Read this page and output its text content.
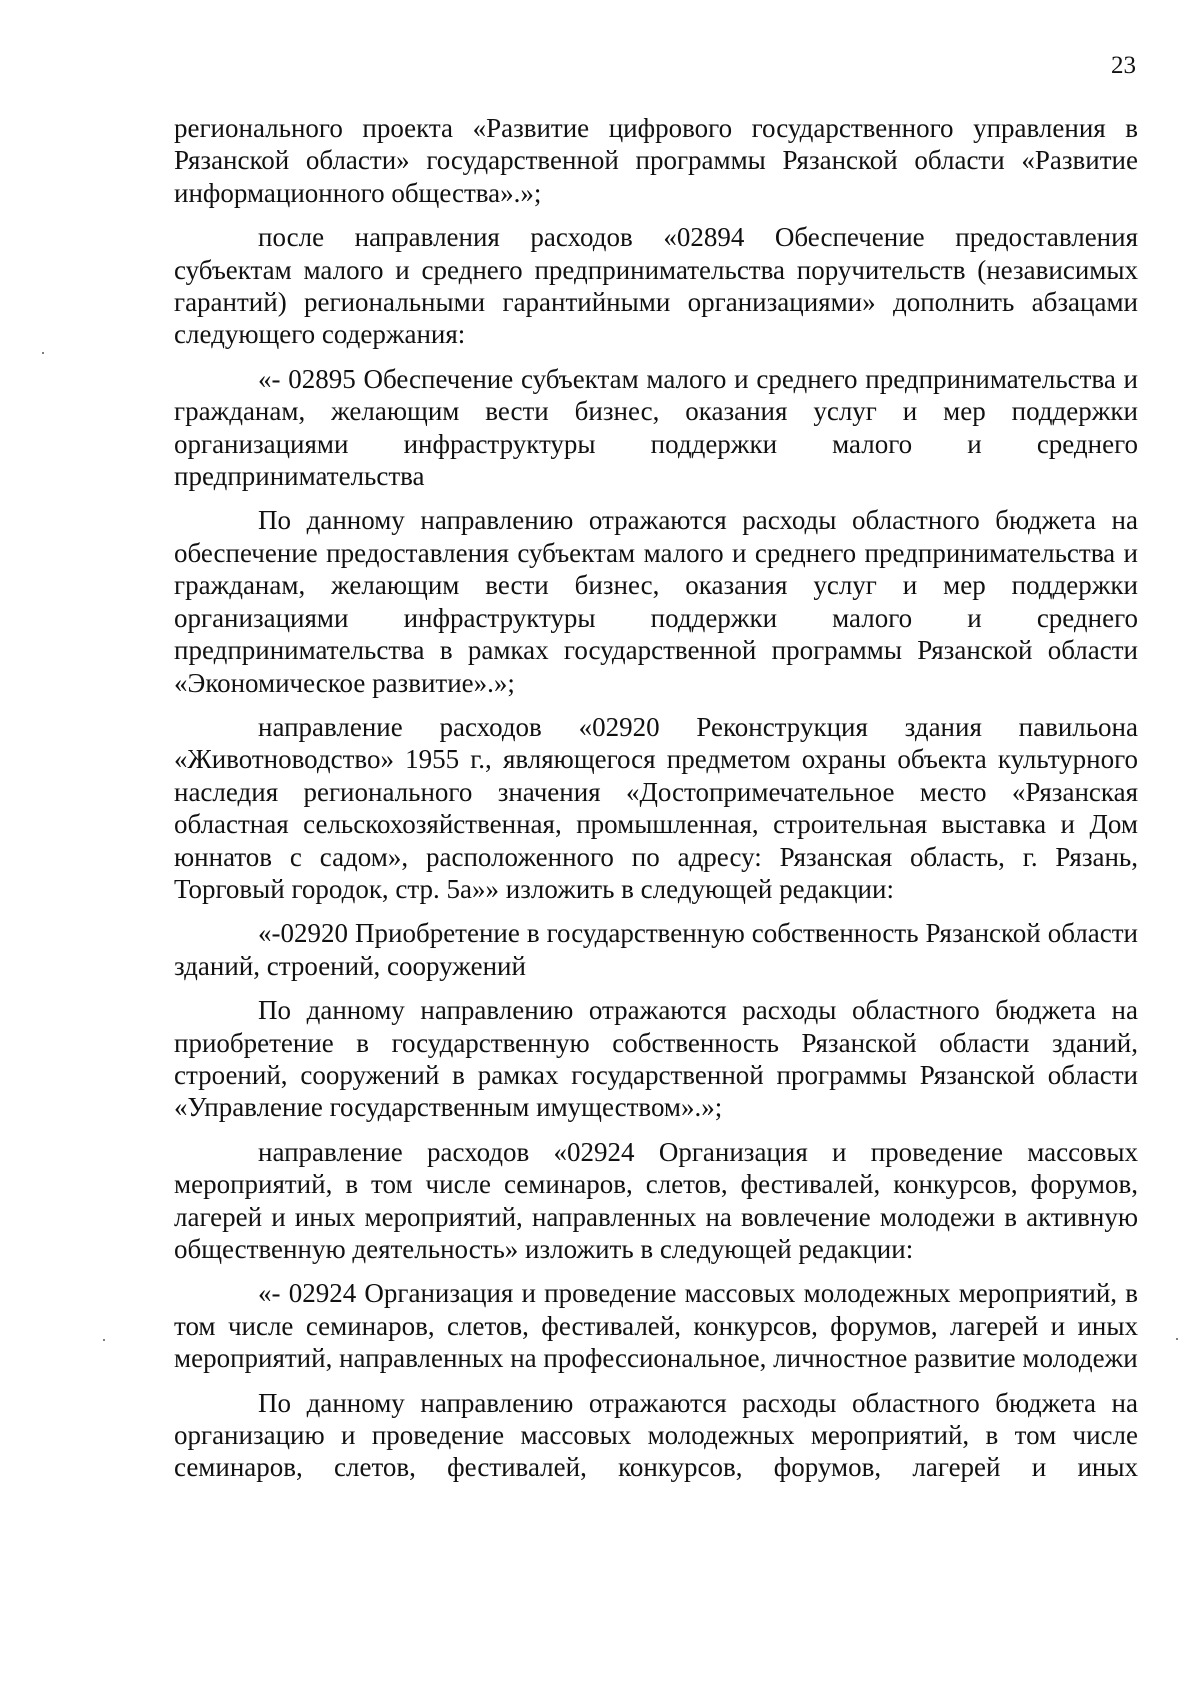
23

регионального проекта «Развитие цифрового государственного управления в Рязанской области» государственной программы Рязанской области «Развитие информационного общества».»;

после направления расходов «02894 Обеспечение предоставления субъектам малого и среднего предпринимательства поручительств (независимых гарантий) региональными гарантийными организациями» дополнить абзацами следующего содержания:

«- 02895 Обеспечение субъектам малого и среднего предпринимательства и гражданам, желающим вести бизнес, оказания услуг и мер поддержки организациями инфраструктуры поддержки малого и среднего предпринимательства

По данному направлению отражаются расходы областного бюджета на обеспечение предоставления субъектам малого и среднего предпринимательства и гражданам, желающим вести бизнес, оказания услуг и мер поддержки организациями инфраструктуры поддержки малого и среднего предпринимательства в рамках государственной программы Рязанской области «Экономическое развитие».»;

направление расходов «02920 Реконструкция здания павильона «Животноводство» 1955 г., являющегося предметом охраны объекта культурного наследия регионального значения «Достопримечательное место «Рязанская областная сельскохозяйственная, промышленная, строительная выставка и Дом юннатов с садом», расположенного по адресу: Рязанская область, г. Рязань, Торговый городок, стр. 5а»» изложить в следующей редакции:

«-02920 Приобретение в государственную собственность Рязанской области зданий, строений, сооружений

По данному направлению отражаются расходы областного бюджета на приобретение в государственную собственность Рязанской области зданий, строений, сооружений в рамках государственной программы Рязанской области «Управление государственным имуществом».»;

направление расходов «02924 Организация и проведение массовых мероприятий, в том числе семинаров, слетов, фестивалей, конкурсов, форумов, лагерей и иных мероприятий, направленных на вовлечение молодежи в активную общественную деятельность» изложить в следующей редакции:

«- 02924 Организация и проведение массовых молодежных мероприятий, в том числе семинаров, слетов, фестивалей, конкурсов, форумов, лагерей и иных мероприятий, направленных на профессиональное, личностное развитие молодежи

По данному направлению отражаются расходы областного бюджета на организацию и проведение массовых молодежных мероприятий, в том числе семинаров, слетов, фестивалей, конкурсов, форумов, лагерей и иных
